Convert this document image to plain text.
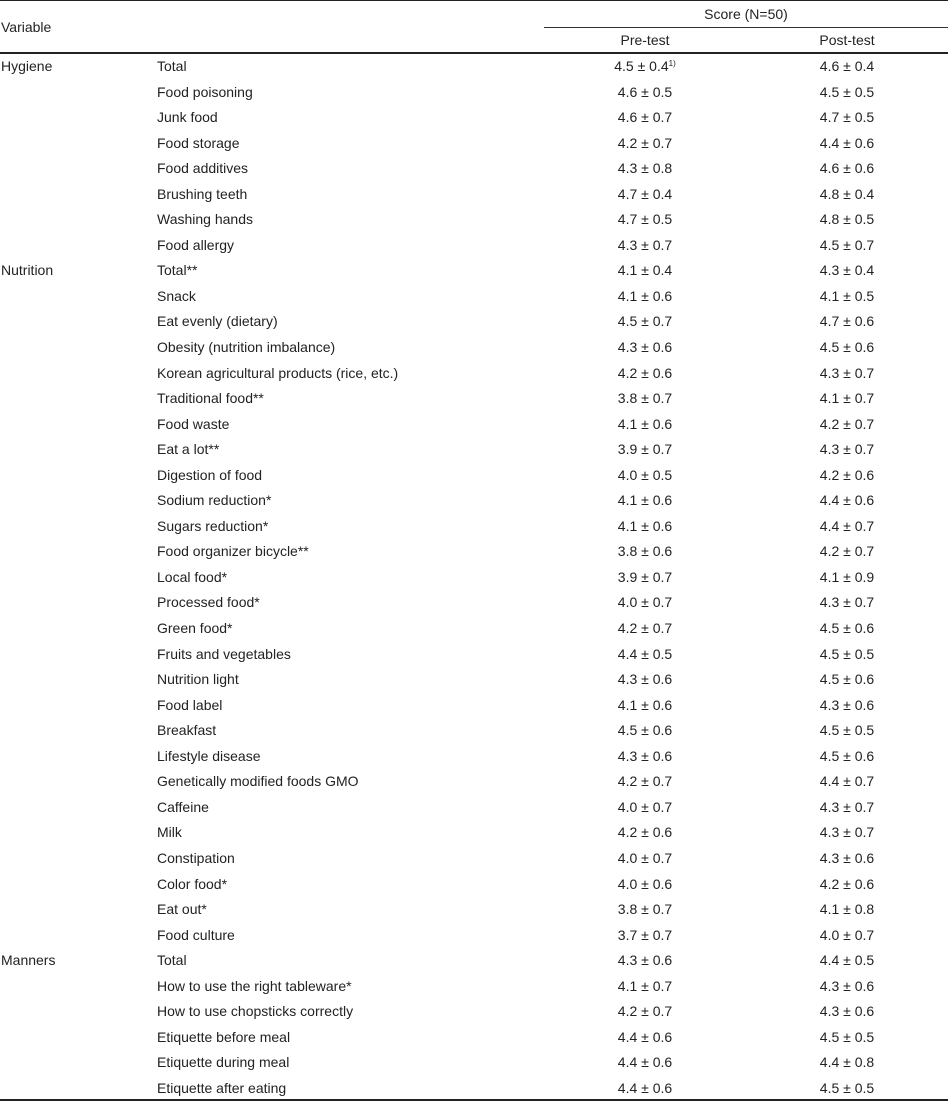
Variable
Score (N=50)
Pre-test	Post-test
Hygiene	Total	$4.5 \pm 0.4^{1)}$	4.6 ± 0.4
Food poisoning	4.6 ± 0.5	4.5 ± 0.5
Junk food	4.6 ± 0.7	4.7 ± 0.5
Food storage	4.2 ± 0.7	4.4 ± 0.6
Food additives	4.3 ± 0.8	4.6 ± 0.6
Brushing teeth	4.7 ± 0.4	4.8 ± 0.4
Washing hands	4.7 ± 0.5	4.8 ± 0.5
Food allergy	4.3 ± 0.7	4.5 ± 0.7
Nutrition	Total**	4.1 ± 0.4	4.3 ± 0.4
Snack	4.1 ± 0.6	4.1 ± 0.5
Eat evenly (dietary)	4.5 ± 0.7	4.7 ± 0.6
Obesity (nutrition imbalance)	4.3 ± 0.6	4.5 ± 0.6
Korean agricultural products (rice, etc.)	4.2 ± 0.6	4.3 ± 0.7
Traditional food**	3.8 ± 0.7	4.1 ± 0.7
Food waste	4.1 ± 0.6	4.2 ± 0.7
Eat a lot**	3.9 ± 0.7	4.3 ± 0.7
Digestion of food	4.0 ± 0.5	4.2 ± 0.6
Sodium reduction*	4.1 ± 0.6	4.4 ± 0.6
Sugars reduction*	4.1 ± 0.6	4.4 ± 0.7
Food organizer bicycle**	3.8 ± 0.6	4.2 ± 0.7
Local food*	3.9 ± 0.7	4.1 ± 0.9
Processed food*	4.0 ± 0.7	4.3 ± 0.7
Green food*	4.2 ± 0.7	4.5 ± 0.6
Fruits and vegetables	4.4 ± 0.5	4.5 ± 0.5
Nutrition light	4.3 ± 0.6	4.5 ± 0.6
Food label	4.1 ± 0.6	4.3 ± 0.6
Breakfast	4.5 ± 0.6	4.5 ± 0.5
Lifestyle disease	4.3 ± 0.6	4.5 ± 0.6
Genetically modified foods GMO	4.2 ± 0.7	4.4 ± 0.7
Caffeine	4.0 ± 0.7	4.3 ± 0.7
Milk	4.2 ± 0.6	4.3 ± 0.7
Constipation	4.0 ± 0.7	4.3 ± 0.6
Color food*	4.0 ± 0.6	4.2 ± 0.6
Eat out*	3.8 ± 0.7	4.1 ± 0.8
Food culture	3.7 ± 0.7	4.0 ± 0.7
Manners	Total	4.3 ± 0.6	4.4 ± 0.5
How to use the right tableware*	4.1 ± 0.7	4.3 ± 0.6
How to use chopsticks correctly	4.2 ± 0.7	4.3 ± 0.6
Etiquette before meal	4.4 ± 0.6	4.5 ± 0.5
Etiquette during meal	4.4 ± 0.6	4.4 ± 0.8
Etiquette after eating	4.4 ± 0.6	4.5 ± 0.5
